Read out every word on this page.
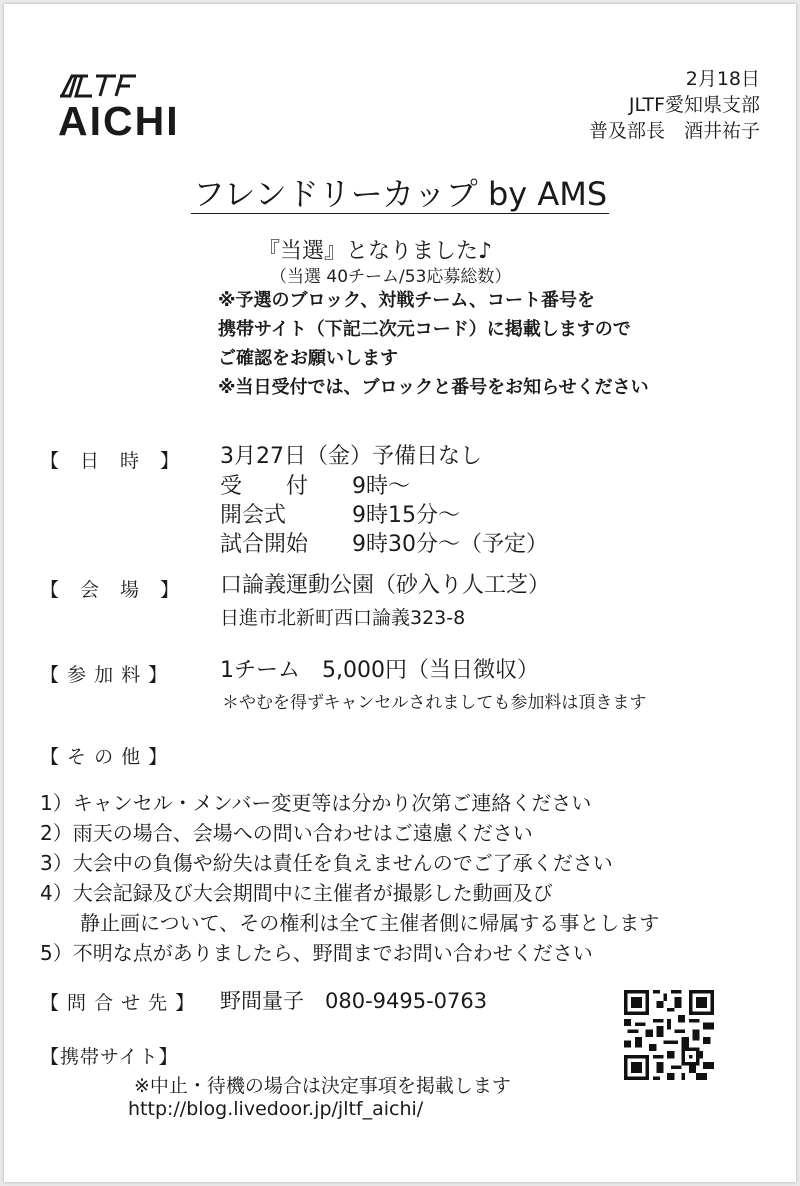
AICHI
2月18日
JLTF愛知県支部
普及部長　酒井祐子
フレンドリーカップ by AMS
『当選』となりました♪
（当選 40チーム/53応募総数）
※予選のブロック、対戦チーム、コート番号を
携帯サイト（下記二次元コード）に掲載しますので
ご確認をお願いします
※当日受付では、ブロックと番号をお知らせください
【　日　時　】 3月27日（金）予備日なし
受　　付 9時～
開会式	9時15分～
試合開始 9時30分～（予定）
【　会　場　】 口論義運動公園（砂入り人工芝）
日進市北新町西口論義323-8
【 参 加 料 】 1チーム　5,000円（当日徴収）
＊やむを得ずキャンセルされましても参加料は頂きます
【 そ の 他 】
1）キャンセル・メンバー変更等は分かり次第ご連絡ください
2）雨天の場合、会場への問い合わせはご遠慮ください
3）大会中の負傷や紛失は責任を負えませんのでご了承ください
4）大会記録及び大会期間中に主催者が撮影した動画及び
　　静止画について、その権利は全て主催者側に帰属する事とします
5）不明な点がありましたら、野間までお問い合わせください
【 問 合 せ 先 】 野間量子　080-9495-0763
【携帯サイト】
※中止・待機の場合は決定事項を掲載します
http://blog.livedoor.jp/jltf_aichi/
